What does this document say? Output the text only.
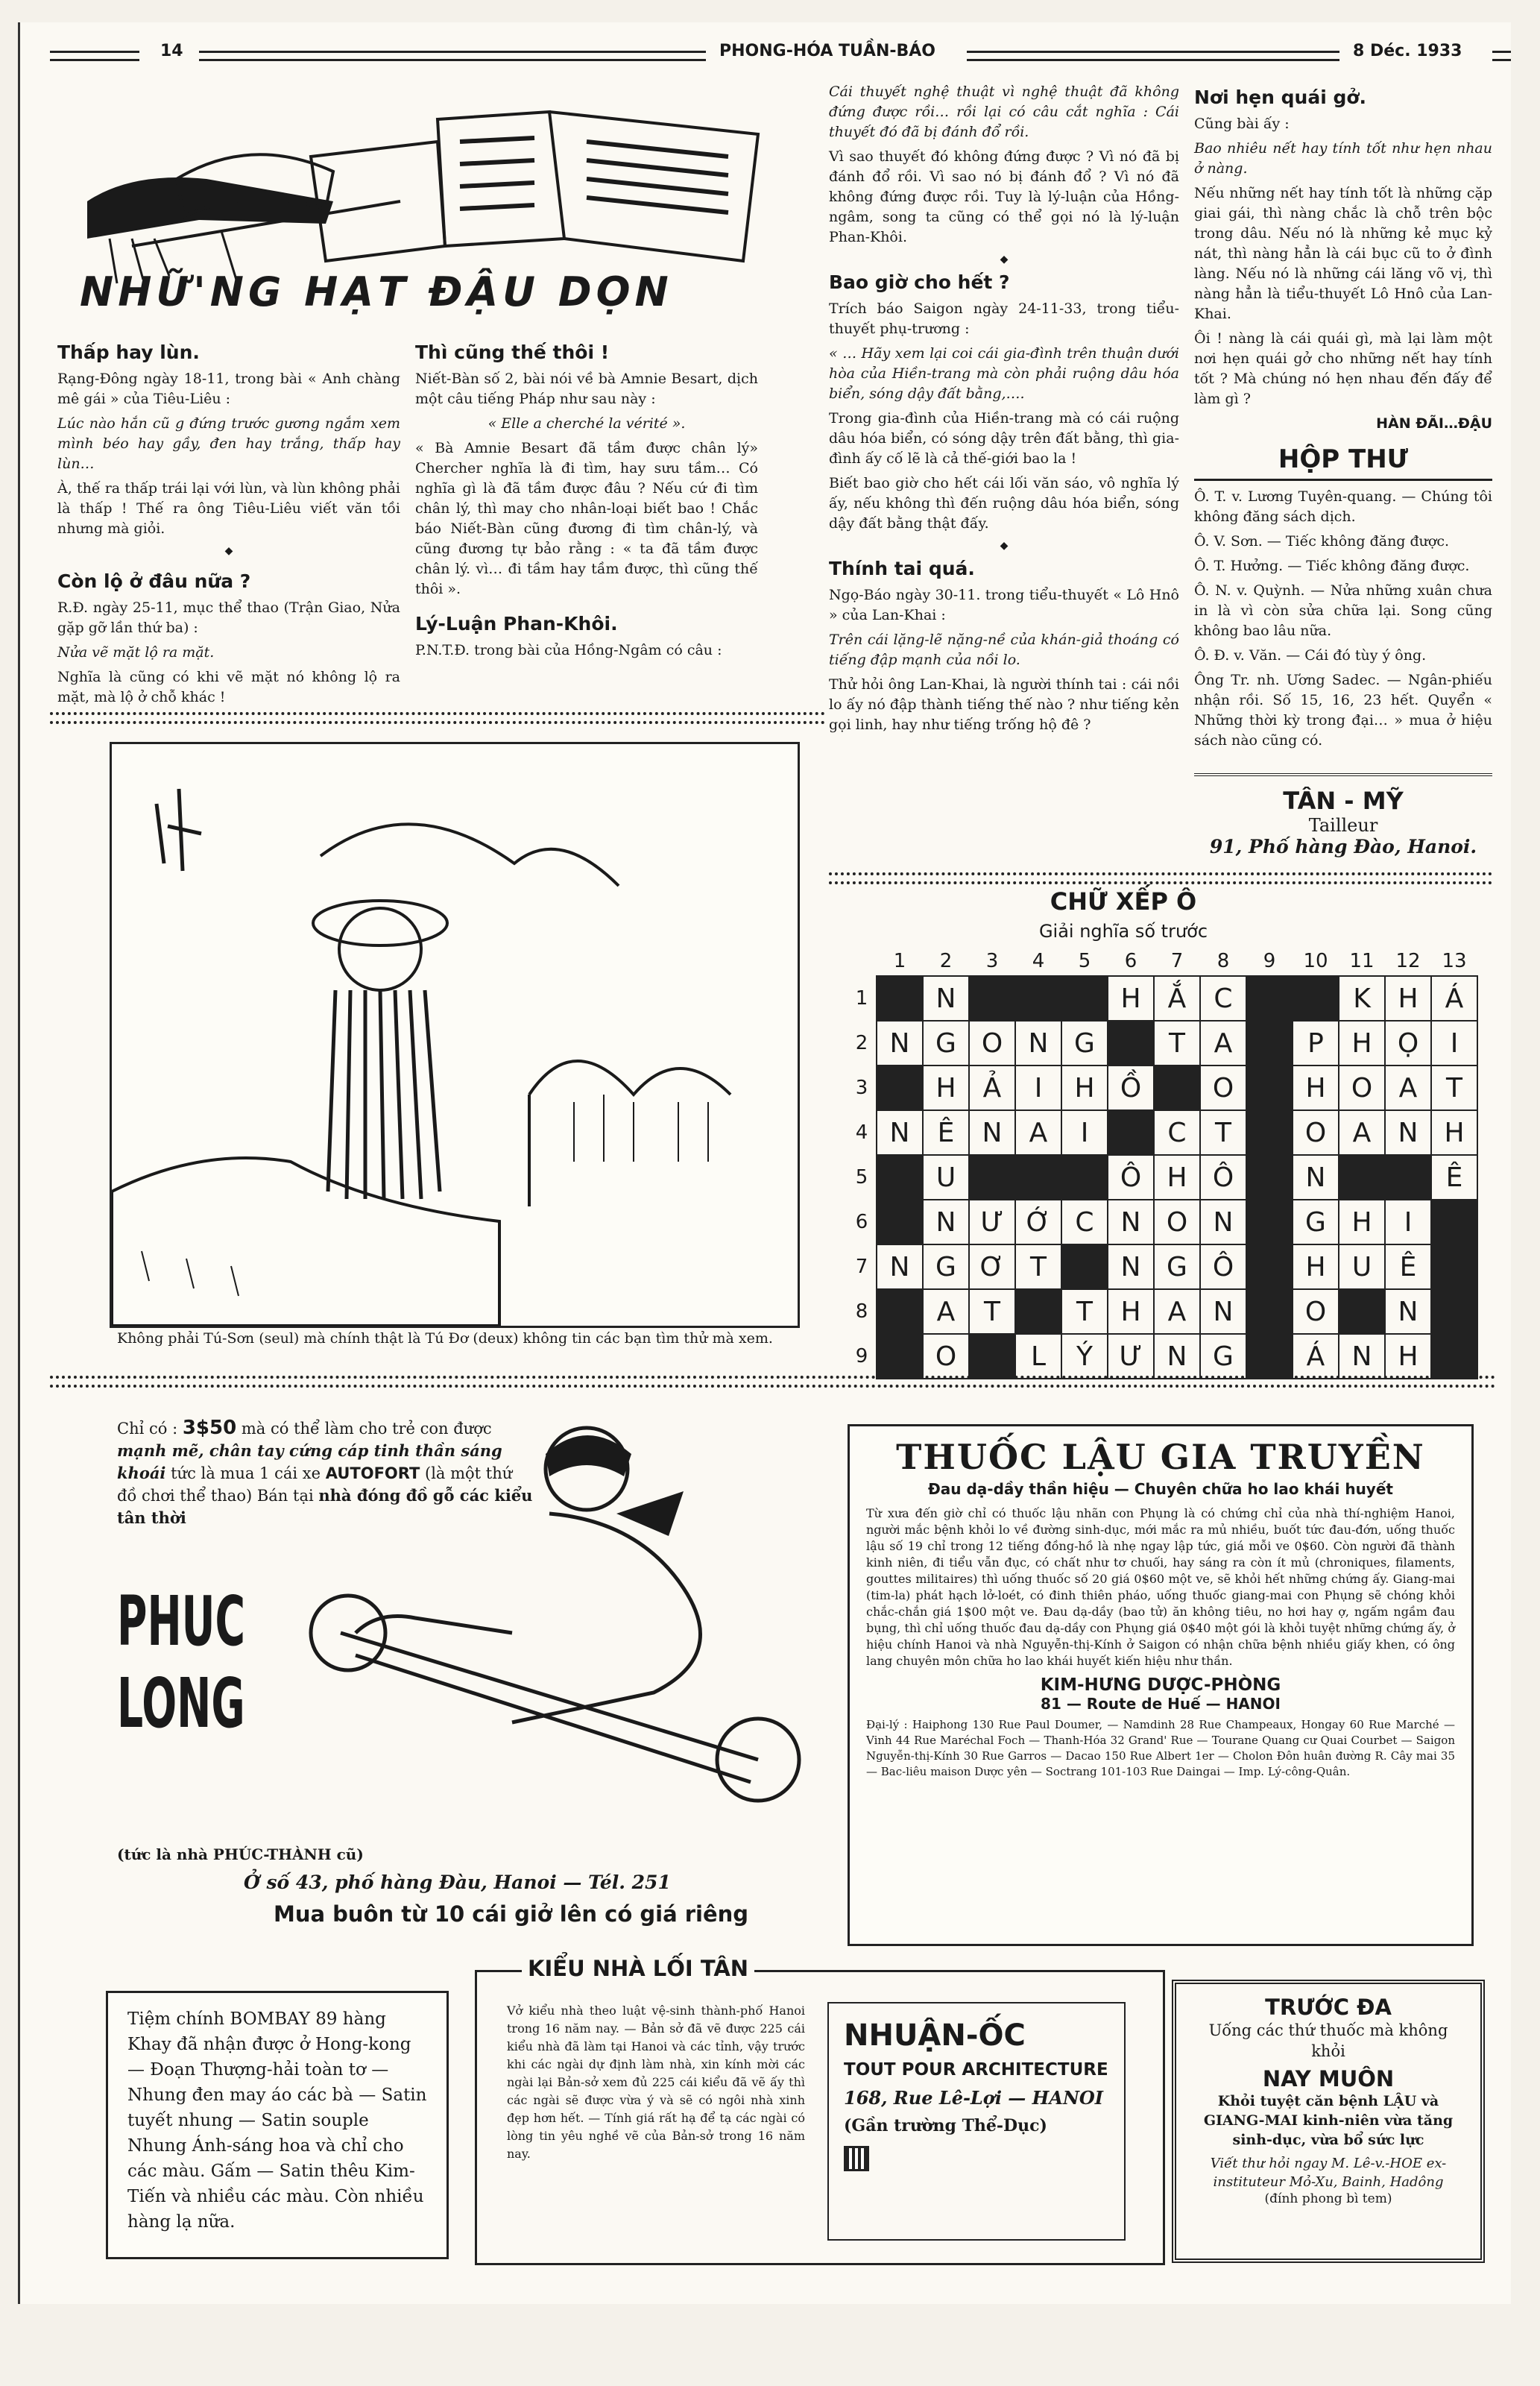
14	PHONG-HÓA TUẦN-BÁO	8 Déc. 1933
NHỮ'NG HẠT ĐẬU DỌN
Thấp hay lùn.

Rạng-Đông ngày 18-11, trong bài « Anh chàng mê gái » của Tiêu-Liêu :

Lúc nào hắn cũ g đứng trước gương ngắm xem mình béo hay gầy, đen hay trắng, thấp hay lùn…

À, thế ra thấp trái lại với lùn, và lùn không phải là thấp ! Thế ra ông Tiêu-Liêu viết văn tồi nhưng mà giỏi.

◆
Còn lộ ở đâu nữa ?

R.Đ. ngày 25-11, mục thể thao (Trận Giao, Nửa gặp gỡ lần thứ ba) :

Nửa vẽ mặt lộ ra mặt.

Nghĩa là cũng có khi vẽ mặt nó không lộ ra mặt, mà lộ ở chỗ khác !

Thì cũng thế thôi !

Niết-Bàn số 2, bài nói về bà Amnie Besart, dịch một câu tiếng Pháp như sau này :

« Elle a cherché la vérité ».

« Bà Amnie Besart đã tầm được chân lý» Chercher nghĩa là đi tìm, hay sưu tầm… Có nghĩa gì là đã tầm được đâu ? Nếu cứ đi tìm chân lý, thì may cho nhân-loại biết bao ! Chắc báo Niết-Bàn cũng đương đi tìm chân-lý, và cũng đương tự bảo rằng : « ta đã tầm được chân lý. vì… đi tầm hay tầm được, thì cũng thế thôi ».

Lý-Luận Phan-Khôi.

P.N.T.Đ. trong bài của Hồng-Ngâm có câu :

Cái thuyết nghệ thuật vì nghệ thuật đã không đứng được rồi… rồi lại có câu cắt nghĩa : Cái thuyết đó đã bị đánh đổ rồi.

Vì sao thuyết đó không đứng được ? Vì nó đã bị đánh đổ rồi. Vì sao nó bị đánh đổ ? Vì nó đã không đứng được rồi. Tuy là lý-luận của Hồng-ngâm, song ta cũng có thể gọi nó là lý-luận Phan-Khôi.

◆
Bao giờ cho hết ?

Trích báo Saigon ngày 24-11-33, trong tiểu-thuyết phụ-trương :

« … Hãy xem lại coi cái gia-đình trên thuận dưới hòa của Hiền-trang mà còn phải ruộng dâu hóa biển, sóng dậy đất bằng,….

Trong gia-đình của Hiền-trang mà có cái ruộng dâu hóa biển, có sóng dậy trên đất bằng, thì gia-đình ấy cố lẽ là cả thế-giới bao la !

Biết bao giờ cho hết cái lối văn sáo, vô nghĩa lý ấy, nếu không thì đến ruộng dâu hóa biển, sóng dậy đất bằng thật đấy.

◆
Thính tai quá.

Ngọ-Báo ngày 30-11. trong tiểu-thuyết « Lô Hnô » của Lan-Khai :

Trên cái lặng-lẽ nặng-nề của khán-giả thoáng có tiếng đập mạnh của nồi lo.

Thử hỏi ông Lan-Khai, là người thính tai : cái nồi lo ấy nó đập thành tiếng thế nào ? như tiếng kẻn gọi linh, hay như tiếng trống hộ đê ?

Nơi hẹn quái gở.

Cũng bài ấy :

Bao nhiêu nết hay tính tốt như hẹn nhau ở nàng.

Nếu những nết hay tính tốt là những cặp giai gái, thì nàng chắc là chỗ trên bộc trong dâu. Nếu nó là những kẻ mục kỷ nát, thì nàng hẳn là cái bục cũ to ở đình làng. Nếu nó là những cái lăng võ vị, thì nàng hẳn là tiểu-thuyết Lô Hnô của Lan-Khai.

Ôi ! nàng là cái quái gì, mà lại làm một nơi hẹn quái gở cho những nết hay tính tốt ? Mà chúng nó hẹn nhau đến đấy để làm gì ?

HÀN ĐÃI…ĐẬU

HỘP THƯ

Ô. T. v. Lương Tuyên-quang. — Chúng tôi không đăng sách dịch.

Ô. V. Sơn. — Tiếc không đăng được.

Ô. T. Hưởng. — Tiếc không đăng được.

Ô. N. v. Quỳnh. — Nửa những xuân chưa in là vì còn sửa chữa lại. Song cũng không bao lâu nữa.

Ô. Đ. v. Văn. — Cái đó tùy ý ông.

Ông Tr. nh. Ương Sadec. — Ngân-phiếu nhận rồi. Số 15, 16, 23 hết. Quyển « Những thời kỳ trong đại… » mua ở hiệu sách nào cũng có.

TÂN - MỸ
Tailleur
91, Phố hàng Đào, Hanoi.
Không phải Tú-Sơn (seul) mà chính thật là Tú Đơ (deux) không tin các bạn tìm thử mà xem.
CHỮ XẾP Ô
Giải nghĩa số trước
	1	2	3	4	5	6	7	8	9	10	11	12	13
1		N				H	Ắ	C			K	H	Á
2	N	G	O	N	G		T	A		P	H	Ọ	I
3		H	Ả	I	H	Ồ		O		H	O	A	T
4	N	Ê	N	A	I		C	T		O	A	N	H
5		U				Ô	H	Ô		N			Ê
6		N	Ư	Ớ	C	N	O	N		G	H	I	
7	N	G	Ơ	T		N	G	Ô		H	U	Ê	
8		A	T		T	H	A	N		O		N	
9		O		L	Ý	Ư	N	G		Á	N	H	
Chỉ có : 3$50 mà có thể làm cho trẻ con được mạnh mẽ, chân tay cứng cáp tinh thần sáng khoái tức là mua 1 cái xe AUTOFORT (là một thứ đồ chơi thể thao) Bán tại nhà đóng đồ gỗ các kiểu tân thời
PHUC
LONG
(tức là nhà PHÚC-THÀNH cũ)
Ở số 43, phố hàng Đàu, Hanoi — Tél. 251
Mua buôn từ 10 cái giở lên có giá riêng
THUỐC LẬU GIA TRUYỀN
Đau dạ-dầy thần hiệu — Chuyên chữa ho lao khái huyết
Từ xưa đến giờ chỉ có thuốc lậu nhãn con Phụng là có chứng chỉ của nhà thí-nghiệm Hanoi, người mắc bệnh khỏi lo về đường sinh-dục, mới mắc ra mủ nhiều, buốt tức đau-đớn, uống thuốc lậu số 19 chỉ trong 12 tiếng đồng-hồ là nhẹ ngay lập tức, giá mỗi ve 0$60. Còn người đã thành kinh niên, đi tiểu vẫn đục, có chất như tơ chuối, hay sáng ra còn ít mủ (chroniques, filaments, gouttes militaires) thì uống thuốc số 20 giá 0$60 một ve, sẽ khỏi hết những chứng ấy. Giang-mai (tim-la) phát hạch lở-loét, có đinh thiên pháo, uống thuốc giang-mai con Phụng sẽ chóng khỏi chắc-chắn giá 1$00 một ve. Đau dạ-dầy (bao tử) ăn không tiêu, no hơi hay ợ, ngấm ngầm đau bụng, thì chỉ uống thuốc đau dạ-dầy con Phụng giá 0$40 một gói là khỏi tuyệt những chứng ấy, ở hiệu chính Hanoi và nhà Nguyễn-thị-Kính ở Saigon có nhận chữa bệnh nhiều giấy khen, có ông lang chuyên môn chữa ho lao khái huyết kiến hiệu như thần.
KIM-HƯNG DƯỢC-PHÒNG
81 — Route de Huế — HANOI
Đại-lý : Haiphong 130 Rue Paul Doumer, — Namdinh 28 Rue Champeaux, Hongay 60 Rue Marché — Vinh 44 Rue Maréchal Foch — Thanh-Hóa 32 Grand' Rue — Tourane Quang cư Quai Courbet — Saigon Nguyễn-thị-Kính 30 Rue Garros — Dacao 150 Rue Albert 1er — Cholon Đôn huân đường R. Cây mai 35 — Bac-liêu maison Dược yên — Soctrang 101-103 Rue Daingai — Imp. Lý-công-Quân.
Tiệm chính BOMBAY 89 hàng Khay đã nhận được ở Hong-kong — Đoạn Thượng-hải toàn tơ — Nhung đen may áo các bà — Satin tuyết nhung — Satin souple Nhung Ánh-sáng hoa và chỉ cho các màu. Gấm — Satin thêu Kim-Tiến và nhiều các màu. Còn nhiều hàng lạ nữa.
KIỂU NHÀ LỐI TÂN
Vở kiểu nhà theo luật vệ-sinh thành-phố Hanoi trong 16 năm nay. — Bản sở đã vẽ được 225 cái kiểu nhà đã làm tại Hanoi và các tỉnh, vậy trước khi các ngài dự định làm nhà, xin kính mời các ngài lại Bản-sở xem đủ 225 cái kiểu đã vẽ ấy thì các ngài sẽ được vừa ý và sẽ có ngôi nhà xinh đẹp hơn hết. — Tính giá rất hạ để tạ các ngài có lòng tin yêu nghề vẽ của Bản-sở trong 16 năm nay.
NHUẬN-ỐC
TOUT POUR ARCHITECTURE
168, Rue Lê-Lợi — HANOI
(Gần trường Thể-Dục)
TRƯỚC ĐA
Uống các thứ thuốc mà không khỏi
NAY MUÔN
Khỏi tuyệt căn bệnh LẬU và GIANG-MAI kinh-niên vừa tăng sinh-dục, vừa bổ sức lực
Viết thư hỏi ngay M. Lê-v.-HOE ex-instituteur Mỏ-Xu, Bainh, Hadông
(đính phong bì tem)
